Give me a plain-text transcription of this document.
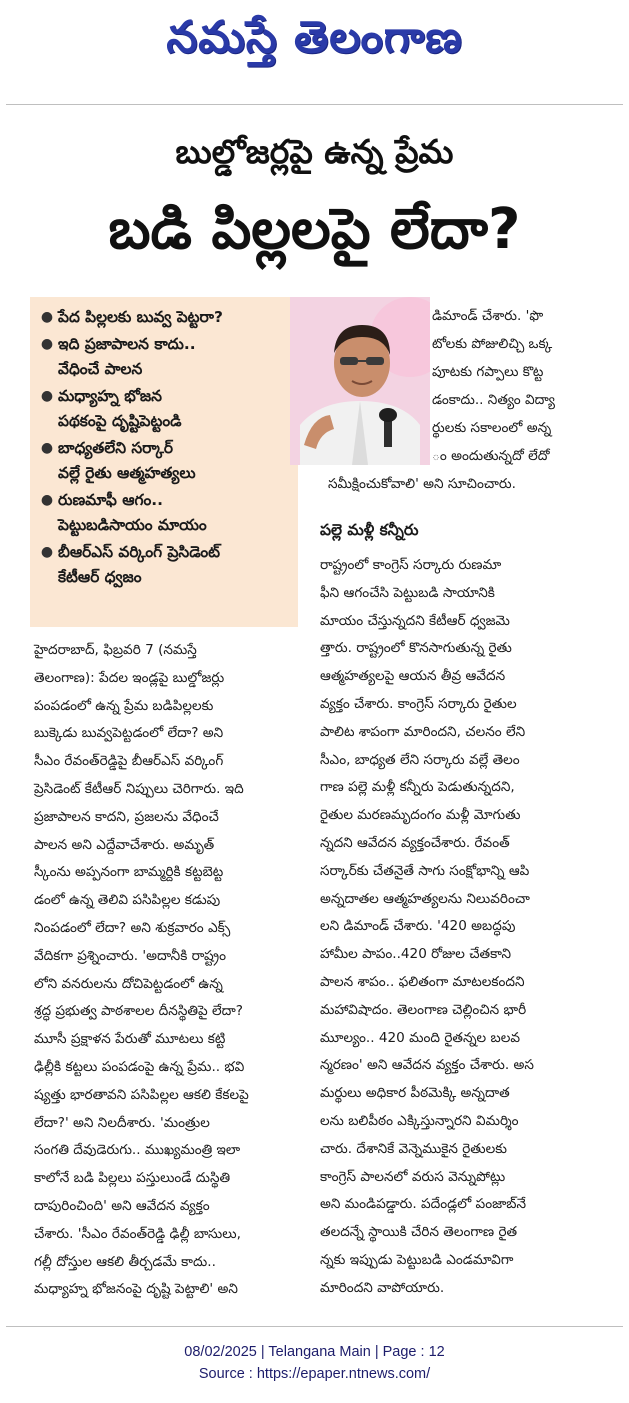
నమస్తే తెలంగాణ
బుల్డోజర్లపై ఉన్న ప్రేమ
బడి పిల్లలపై లేదా?
● పేద పిల్లలకు బువ్వ పెట్టరా?
● ఇది ప్రజాపాలన కాదు..
వేధించే పాలన
● మధ్యాహ్న భోజన
పథకంపై దృష్టిపెట్టండి
● బాధ్యతలేని సర్కార్
వల్లే రైతు ఆత్మహత్యలు
● రుణమాఫీ ఆగం..
పెట్టుబడిసాయం మాయం
● బీఆర్ఎస్ వర్కింగ్ ప్రెసిడెంట్
కేటీఆర్ ధ్వజం
డిమాండ్ చేశారు. 'ఫొ
టోలకు పోజులిచ్చి ఒక్క
పూటకు గప్పాలు కొట్ట
డంకాదు.. నిత్యం విద్యా
ర్థులకు సకాలంలో అన్న
ం అందుతున్నదో లేదో
సమీక్షించుకోవాలి' అని సూచించారు.
పల్లె మళ్లీ కన్నీరు
హైదరాబాద్, ఫిబ్రవరి 7 (నమస్తే
తెలంగాణ): పేదల ఇండ్లపై బుల్డోజర్లు
పంపడంలో ఉన్న ప్రేమ బడిపిల్లలకు
బుక్కెడు బువ్వపెట్టడంలో లేదా? అని
సీఎం రేవంత్‌రెడ్డిపై బీఆర్ఎస్ వర్కింగ్
ప్రెసిడెంట్ కేటీఆర్ నిప్పులు చెరిగారు. ఇది
ప్రజాపాలన కాదని, ప్రజలను వేధించే
పాలన అని ఎద్దేవాచేశారు. అమృత్
స్కీంను అప్పనంగా బామ్మర్దికి కట్టబెట్ట
డంలో ఉన్న తెలివి పసిపిల్లల కడుపు
నింపడంలో లేదా? అని శుక్రవారం ఎక్స్
వేదికగా ప్రశ్నించారు. 'అదానీకి రాష్ట్రం
లోని వనరులను దోచిపెట్టడంలో ఉన్న
శ్రద్ధ ప్రభుత్వ పాఠశాలల దీనస్థితిపై లేదా?
మూసీ ప్రక్షాళన పేరుతో మూటలు కట్టి
ఢిల్లీకి కట్టలు పంపడంపై ఉన్న ప్రేమ.. భవి
ష్యత్తు భారతావని పసిపిల్లల ఆకలి కేకలపై
లేదా?' అని నిలదీశారు. 'మంత్రుల
సంగతి దేవుడెరుగు.. ముఖ్యమంత్రి ఇలా
కాలోనే బడి పిల్లలు పస్తులుండే దుస్థితి
దాపురించింది' అని ఆవేదన వ్యక్తం
చేశారు. 'సీఎం రేవంత్‌రెడ్డి ఢిల్లీ బాసులు,
గల్లీ దోస్తుల ఆకలి తీర్చడమే కాదు..
మధ్యాహ్న భోజనంపై దృష్టి పెట్టాలి' అని
రాష్ట్రంలో కాంగ్రెస్ సర్కారు రుణమా
ఫీని ఆగంచేసి పెట్టుబడి సాయానికి
మాయం చేస్తున్నదని కేటీఆర్ ధ్వజమె
త్తారు. రాష్ట్రంలో కొనసాగుతున్న రైతు
ఆత్మహత్యలపై ఆయన తీవ్ర ఆవేదన
వ్యక్తం చేశారు. కాంగ్రెస్ సర్కారు రైతుల
పాలిట శాపంగా మారిందని, చలనం లేని
సీఎం, బాధ్యత లేని సర్కారు వల్లే తెలం
గాణ పల్లె మళ్లీ కన్నీరు పెడుతున్నదని,
రైతుల మరణమృదంగం మళ్లీ మోగుతు
న్నదని ఆవేదన వ్యక్తంచేశారు. రేవంత్
సర్కార్‌కు చేతనైతే సాగు సంక్షోభాన్ని ఆపి
అన్నదాతల ఆత్మహత్యలను నిలువరించా
లని డిమాండ్ చేశారు. '420 అబద్ధపు
హామీల పాపం..420 రోజుల చేతకాని
పాలన శాపం.. ఫలితంగా మాటలకందని
మహావిషాదం. తెలంగాణ చెల్లించిన భారీ
మూల్యం.. 420 మంది రైతన్నల బలవ
న్మరణం' అని ఆవేదన వ్యక్తం చేశారు. అస
మర్థులు అధికార పీఠమెక్కి అన్నదాత
లను బలిపీఠం ఎక్కిస్తున్నారని విమర్శిం
చారు. దేశానికే వెన్నెముకైన రైతులకు
కాంగ్రెస్ పాలనలో వరుస వెన్నుపోట్లు
అని మండిపడ్డారు. పదేండ్లలో పంజాబ్‌నే
తలదన్నే స్థాయికి చేరిన తెలంగాణ రైత
న్నకు ఇప్పుడు పెట్టుబడి ఎండమావిగా
మారిందని వాపోయారు.
08/02/2025 | Telangana Main | Page : 12
Source : https://epaper.ntnews.com/
